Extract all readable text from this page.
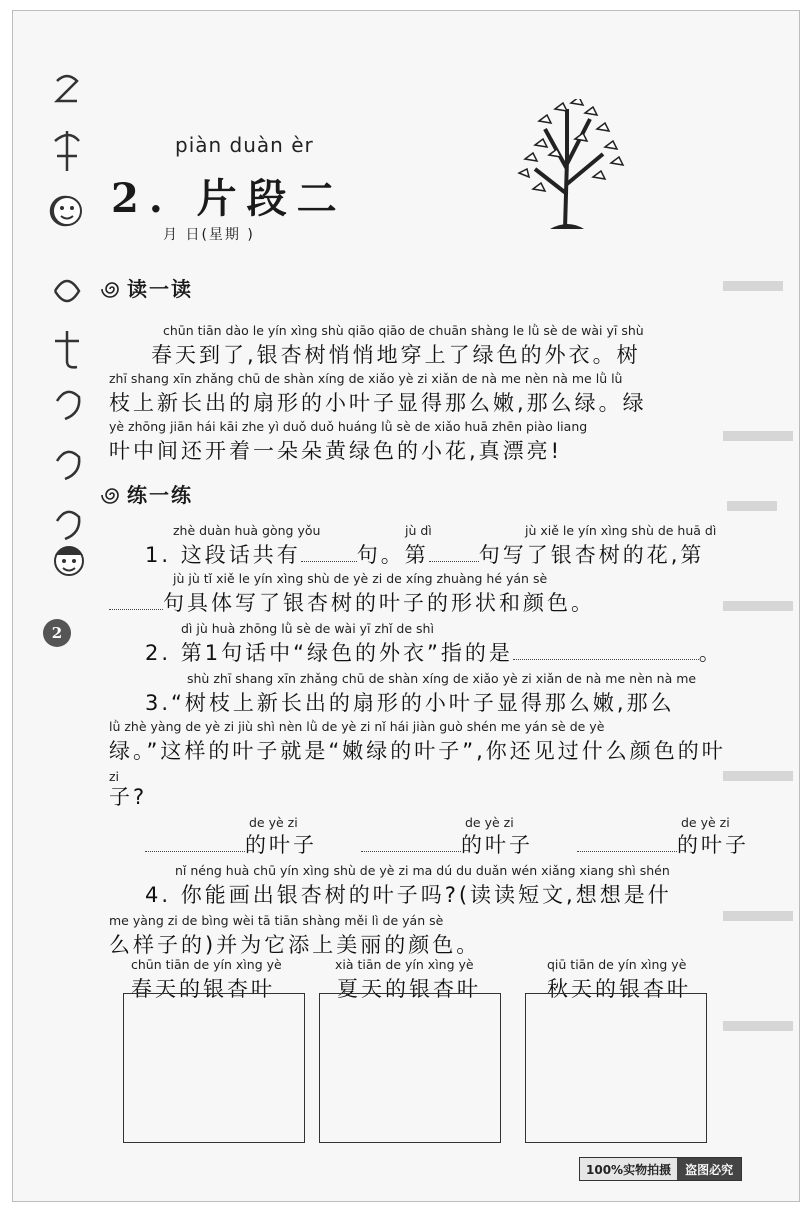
2
piàn duàn èr
2. 片段二
月 日(星期 )
读一读
chūn tiān dào le yín xìng shù qiāo qiāo de chuān shàng le lǜ sè de wài yī shù
春天到了,银杏树悄悄地穿上了绿色的外衣。树
zhī shang xīn zhǎng chū de shàn xíng de xiǎo yè zi xiǎn de nà me nèn nà me lǜ lǜ
枝上新长出的扇形的小叶子显得那么嫩,那么绿。绿
yè zhōng jiān hái kāi zhe yì duǒ duǒ huáng lǜ sè de xiǎo huā zhēn piào liang
叶中间还开着一朵朵黄绿色的小花,真漂亮!
练一练
zhè duàn huà gòng yǒu	jù dì	jù xiě le yín xìng shù de huā dì
1. 这段话共有	句。第 句写了银杏树的花,第
jù jù tǐ xiě le yín xìng shù de yè zi de xíng zhuàng hé yán sè
句具体写了银杏树的叶子的形状和颜色。
dì jù huà zhōng lǜ sè de wài yī zhǐ de shì
2. 第1句话中“绿色的外衣”指的是	。
shù zhī shang xīn zhǎng chū de shàn xíng de xiǎo yè zi xiǎn de nà me nèn nà me
3.“树枝上新长出的扇形的小叶子显得那么嫩,那么
lǜ zhè yàng de yè zi jiù shì nèn lǜ de yè zi nǐ hái jiàn guò shén me yán sè de yè
绿。”这样的叶子就是“嫩绿的叶子”,你还见过什么颜色的叶
zi
子?
de yè zi	de yè zi	de yè zi
的叶子	的叶子	的叶子
nǐ néng huà chū yín xìng shù de yè zi ma dú du duǎn wén xiǎng xiang shì shén
4. 你能画出银杏树的叶子吗?(读读短文,想想是什
me yàng zi de bìng wèi tā tiān shàng měi lì de yán sè
么样子的)并为它添上美丽的颜色。
chūn tiān de yín xìng yè	xià tiān de yín xìng yè	qiū tiān de yín xìng yè
春天的银杏叶	夏天的银杏叶	秋天的银杏叶
100%实物拍摄	盗图必究
